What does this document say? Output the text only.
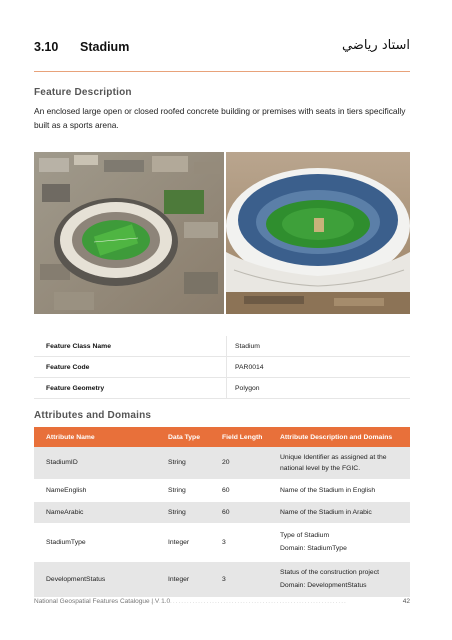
3.10 Stadium	استاد رياضي
Feature Description
An enclosed large open or closed roofed concrete building or premises with seats in tiers specifically built as a sports arena.
Feature Class Name	Stadium
Feature Code	PAR0014
Feature Geometry	Polygon
Attributes and Domains
Attribute Name	Data Type	Field Length	Attribute Description and Domains
StadiumID	String	20	Unique Identifier as assigned at the national level by the FGIC.
NameEnglish	String	60	Name of the Stadium in English
NameArabic	String	60	Name of the Stadium in Arabic
StadiumType	Integer	3	Type of Stadium
Domain: StadiumType

DevelopmentStatus	Integer	3	Status of the construction project
Domain: DevelopmentStatus
National Geospatial Features Catalogue | V 1.0
.........................................................................	42
